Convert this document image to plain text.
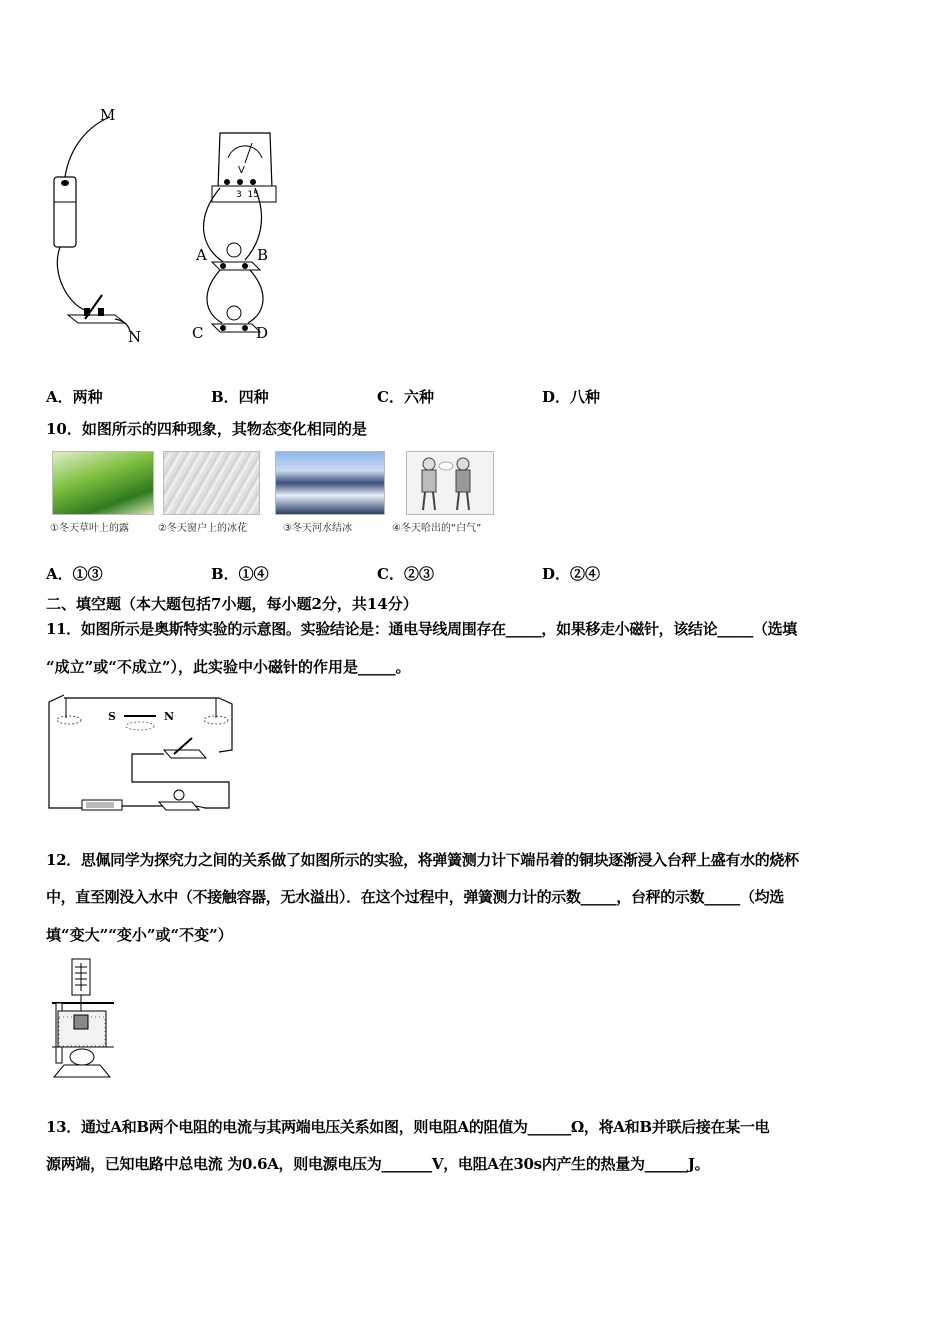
M
N
V
3  15
A	B
C	D
A．两种	B．四种	C．六种	D．八种
10．如图所示的四种现象，其物态变化相同的是
①冬天草叶上的露	②冬天窗户上的冰花	③冬天河水结冰	④冬天哈出的“白气”
A．①③	B．①④	C．②③	D．②④
二、填空题（本大题包括7小题，每小题2分，共14分）
11．如图所示是奥斯特实验的示意图。实验结论是：通电导线周围存在_____，如果移走小磁针，该结论_____（选填
“成立”或“不成立”），此实验中小磁针的作用是_____。
S	N
12．思佩同学为探究力之间的关系做了如图所示的实验，将弹簧测力计下端吊着的铜块逐渐浸入台秤上盛有水的烧杯
中，直至刚没入水中（不接触容器，无水溢出）．在这个过程中，弹簧测力计的示数_____，台秤的示数_____（均选
填“变大”“变小”或“不变”）
13．通过A和B两个电阻的电流与其两端电压关系如图，则电阻A的阻值为______Ω，将A和B并联后接在某一电
源两端，已知电路中总电流 为0.6A，则电源电压为_______V，电阻A在30s内产生的热量为______J。
